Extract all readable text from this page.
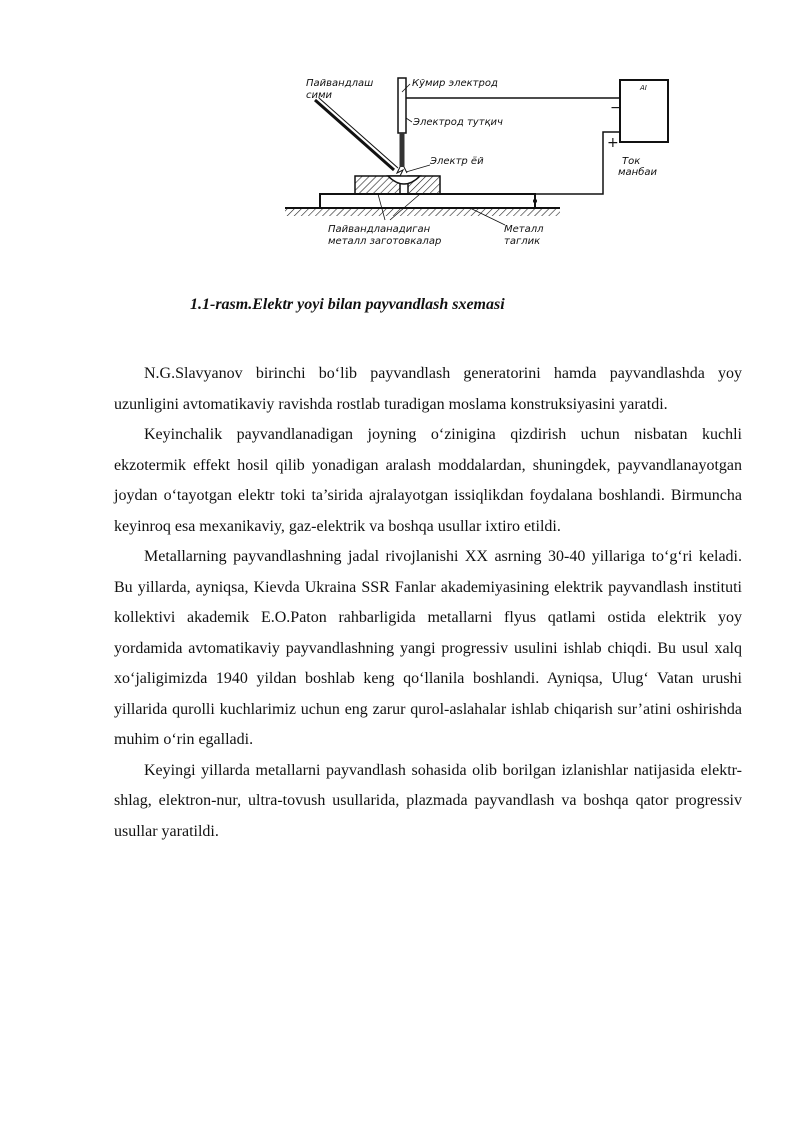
AI
−
+
Пайвандлаш
сими
Кўмир электрод
Электрод тутқич
Электр ёй	Ток
манбаи
Пайвандланадиган
металл заготовкалар
Металл
таглик
1.1-rasm.Elektr yoyi bilan payvandlash sxemasi

N.G.Slavyanov birinchi bo‘lib payvandlash generatorini hamda payvandlashda yoy uzunligini avtomatikaviy ravishda rostlab turadigan moslama konstruksiyasini yaratdi.

Keyinchalik payvandlanadigan joyning o‘zinigina qizdirish uchun nisbatan kuchli ekzotermik effekt hosil qilib yonadigan aralash moddalardan, shuningdek, payvandlanayotgan joydan o‘tayotgan elektr toki ta’sirida ajralayotgan issiqlikdan foydalana boshlandi. Birmuncha keyinroq esa mexanikaviy, gaz-elektrik va boshqa usullar ixtiro etildi.

Metallarning payvandlashning jadal rivojlanishi XX asrning 30-40 yillariga to‘g‘ri keladi. Bu yillarda, ayniqsa, Kievda Ukraina SSR Fanlar akademiyasining elektrik payvandlash instituti kollektivi akademik E.O.Paton rahbarligida metallarni flyus qatlami ostida elektrik yoy yordamida avtomatikaviy payvandlashning yangi progressiv usulini ishlab chiqdi. Bu usul xalq xo‘jaligimizda 1940 yildan boshlab keng qo‘llanila boshlandi. Ayniqsa, Ulug‘ Vatan urushi yillarida qurolli kuchlarimiz uchun eng zarur qurol-aslahalar ishlab chiqarish sur’atini oshirishda muhim o‘rin egalladi.

Keyingi yillarda metallarni payvandlash sohasida olib borilgan izlanishlar natijasida elektr-shlag, elektron-nur, ultra-tovush usullarida, plazmada payvandlash va boshqa qator progressiv usullar yaratildi.
